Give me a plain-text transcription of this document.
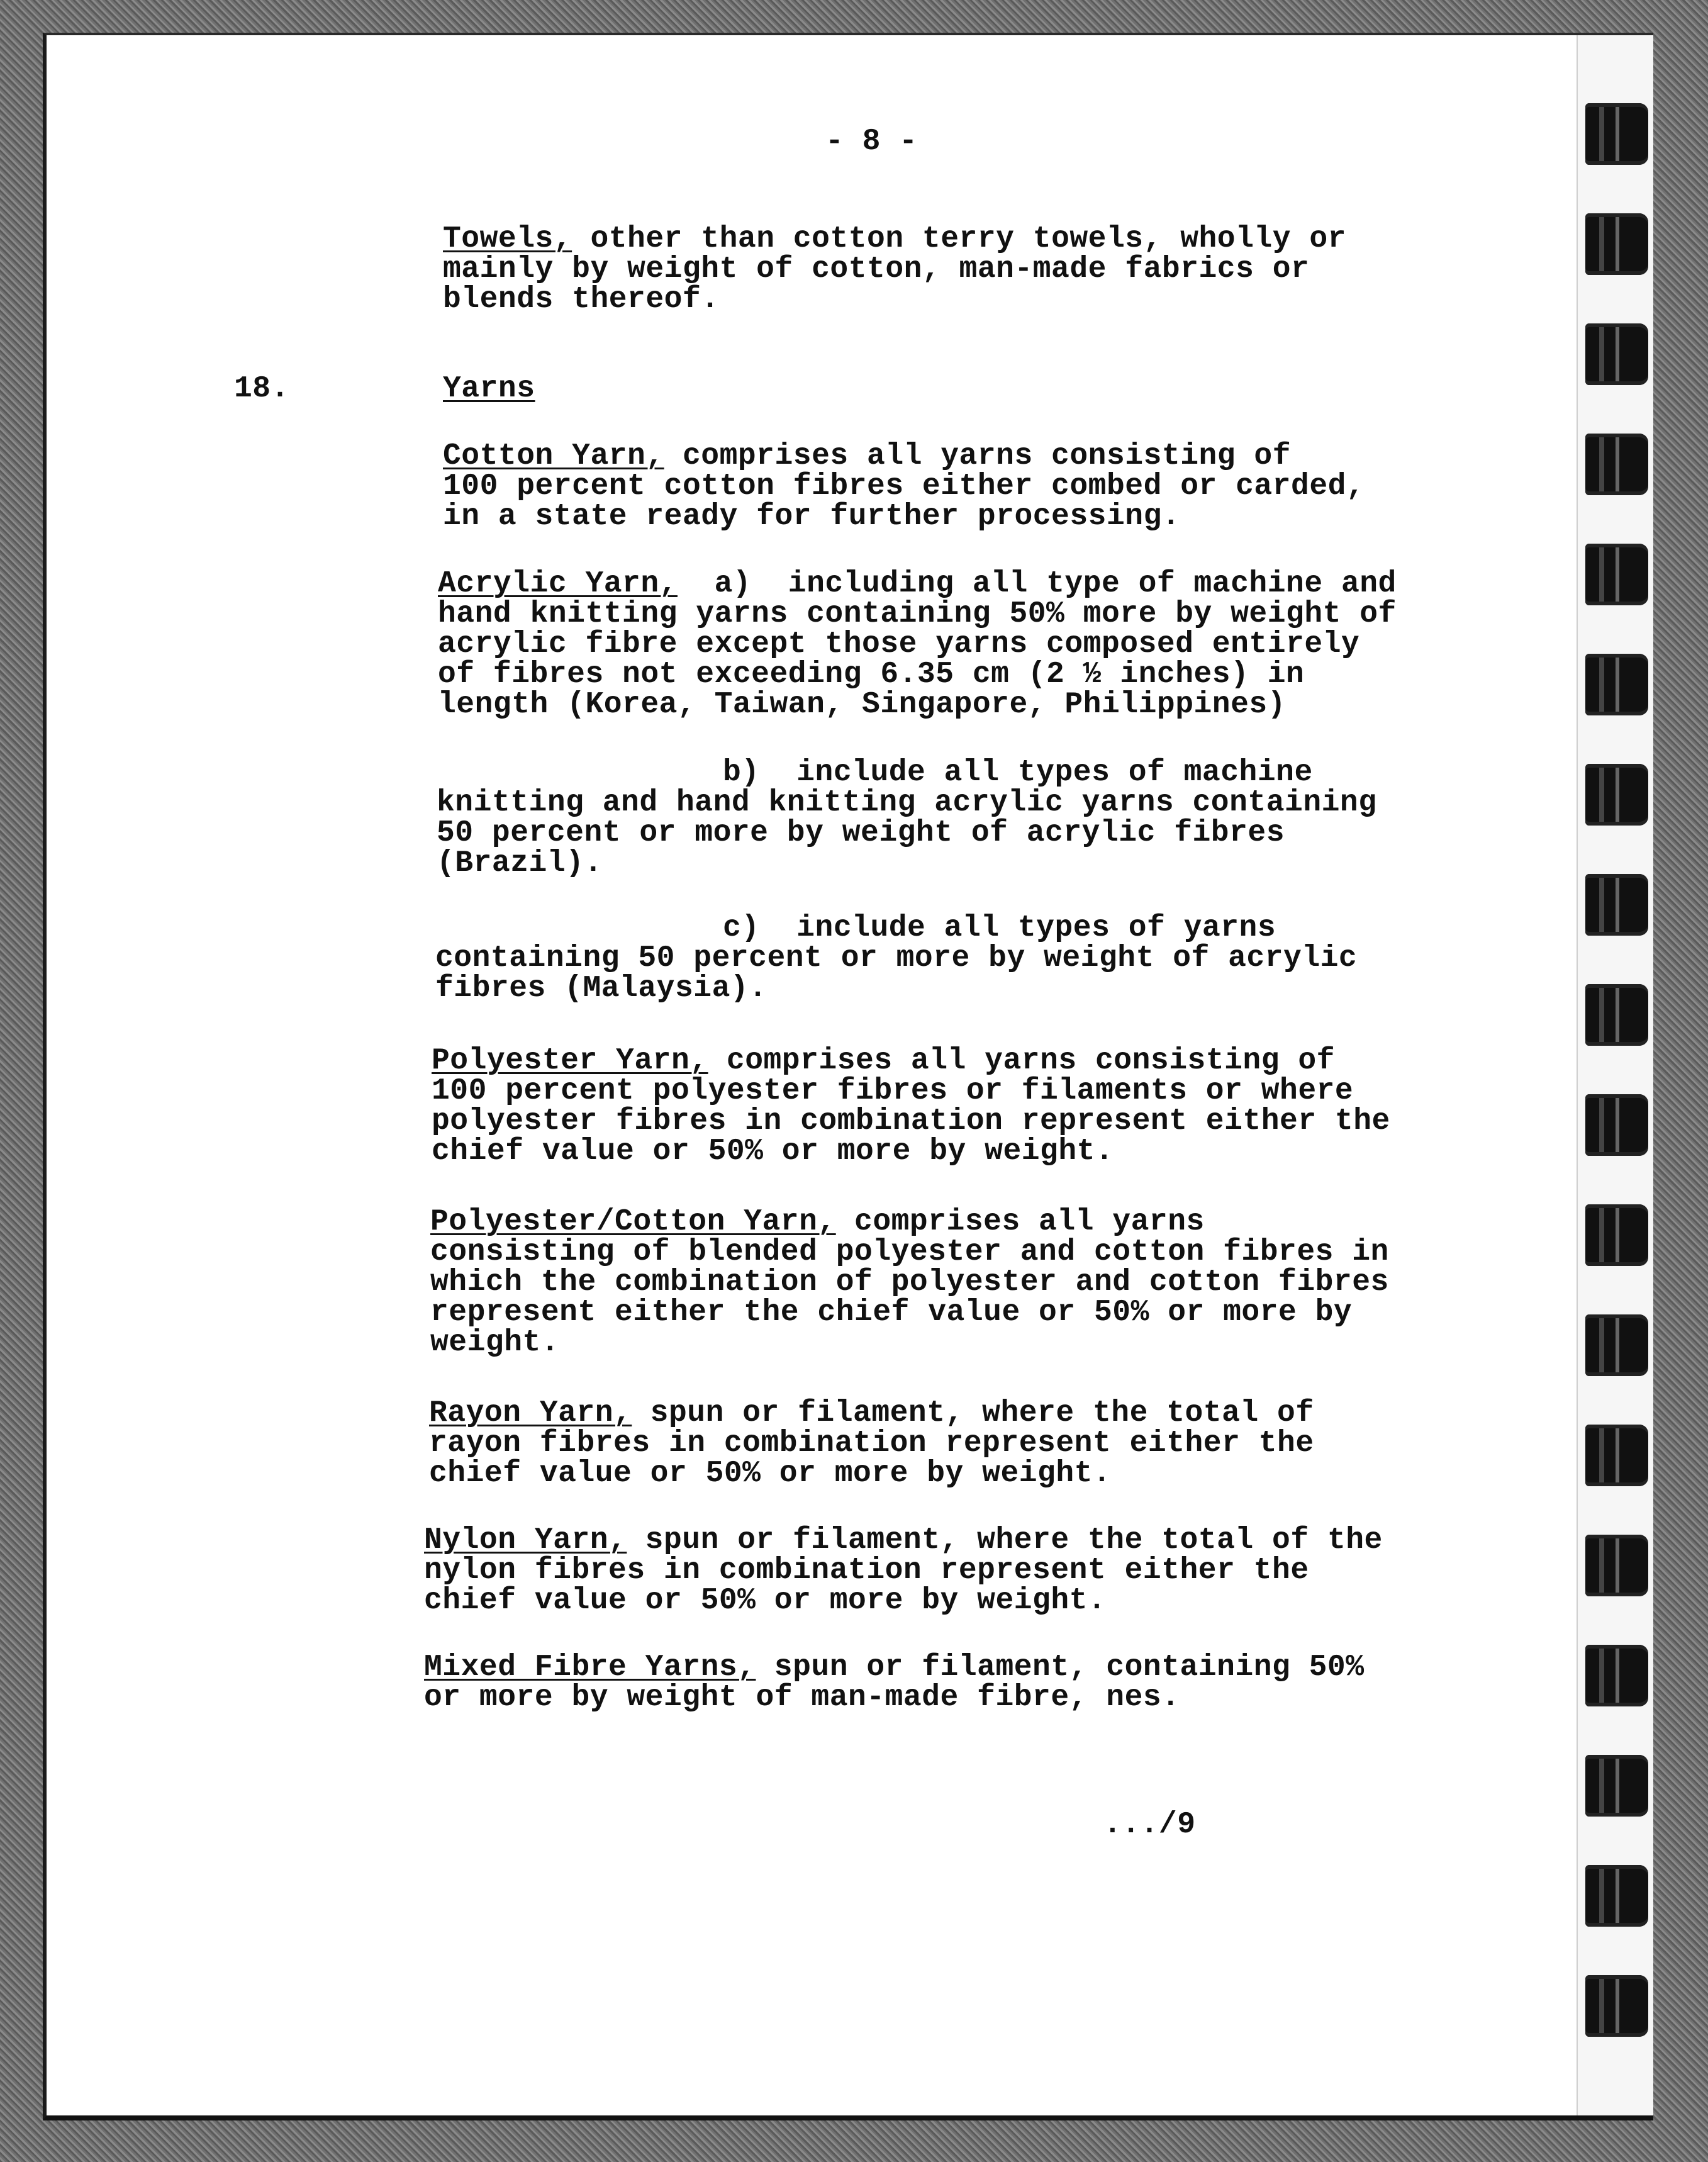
- 8 -
Towels, other than cotton terry towels, wholly or
mainly by weight of cotton, man-made fabrics or
blends thereof.
18.	Yarns
Cotton Yarn, comprises all yarns consisting of
100 percent cotton fibres either combed or carded,
in a state ready for further processing.
Acrylic Yarn,  a)  including all type of machine and
hand knitting yarns containing 50% more by weight of
acrylic fibre except those yarns composed entirely
of fibres not exceeding 6.35 cm (2 ½ inches) in
length (Korea, Taiwan, Singapore, Philippines)
b)  include all types of machine
knitting and hand knitting acrylic yarns containing
50 percent or more by weight of acrylic fibres
(Brazil).
c)  include all types of yarns
containing 50 percent or more by weight of acrylic
fibres (Malaysia).
Polyester Yarn, comprises all yarns consisting of
100 percent polyester fibres or filaments or where
polyester fibres in combination represent either the
chief value or 50% or more by weight.
Polyester/Cotton Yarn, comprises all yarns
consisting of blended polyester and cotton fibres in
which the combination of polyester and cotton fibres
represent either the chief value or 50% or more by
weight.
Rayon Yarn, spun or filament, where the total of
rayon fibres in combination represent either the
chief value or 50% or more by weight.
Nylon Yarn, spun or filament, where the total of the
nylon fibres in combination represent either the
chief value or 50% or more by weight.
Mixed Fibre Yarns, spun or filament, containing 50%
or more by weight of man-made fibre, nes.
.../9
